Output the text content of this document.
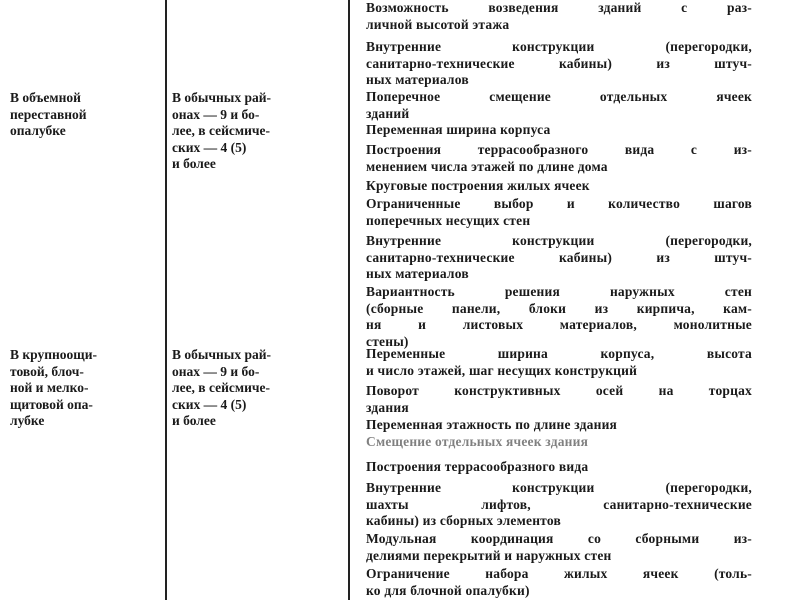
В объемной
переставной
опалубке
В обычных рай-
онах — 9 и бо-
лее, в сейсмиче-
ских — 4 (5)
и более
В крупноощи-
товой, блоч-
ной и мелко-
щитовой опа-
лубке
В обычных рай-
онах — 9 и бо-
лее, в сейсмиче-
ских — 4 (5)
и более
Возможность возведения зданий с раз-
личной высотой этажа
Внутренние конструкции (перегородки,
санитарно-технические кабины) из штуч-
ных материалов
Поперечное смещение отдельных ячеек
зданий
Переменная ширина корпуса
Построения террасообразного вида с из-
менением числа этажей по длине дома
Круговые построения жилых ячеек
Ограниченные выбор и количество шагов
поперечных несущих стен
Внутренние конструкции (перегородки,
санитарно-технические кабины) из штуч-
ных материалов
Вариантность решения наружных стен
(сборные панели, блоки из кирпича, кам-
ня и листовых материалов, монолитные
стены)
Переменные ширина корпуса, высота
и число этажей, шаг несущих конструкций
Поворот конструктивных осей на торцах
здания
Переменная этажность по длине здания
Смещение отдельных ячеек здания
Построения террасообразного вида
Внутренние конструкции (перегородки,
шахты лифтов, санитарно-технические
кабины) из сборных элементов
Модульная координация со сборными из-
делиями перекрытий и наружных стен
Ограничение набора жилых ячеек (толь-
ко для блочной опалубки)
